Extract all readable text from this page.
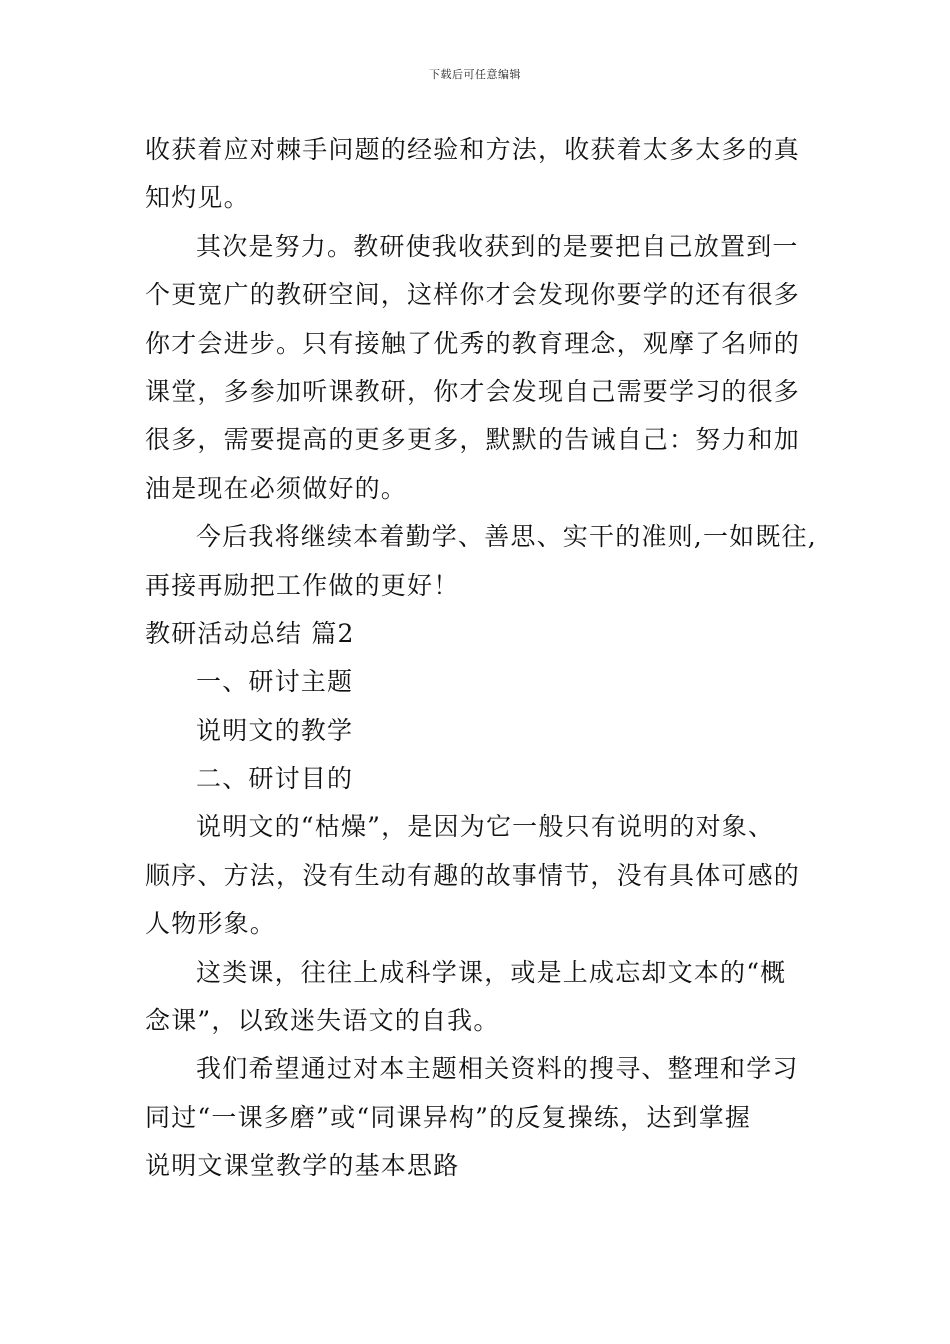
下载后可任意编辑
收获着应对棘手问题的经验和方法，收获着太多太多的真
知灼见。
其次是努力。教研使我收获到的是要把自己放置到一
个更宽广的教研空间，这样你才会发现你要学的还有很多
你才会进步。只有接触了优秀的教育理念，观摩了名师的
课堂，多参加听课教研，你才会发现自己需要学习的很多
很多，需要提高的更多更多，默默的告诫自己：努力和加
油是现在必须做好的。
今后我将继续本着勤学、善思、实干的准则,一如既往,
再接再励把工作做的更好！
教研活动总结 篇2
一、研讨主题
说明文的教学
二、研讨目的
说明文的“枯燥”，是因为它一般只有说明的对象、
顺序、方法，没有生动有趣的故事情节，没有具体可感的
人物形象。
这类课，往往上成科学课，或是上成忘却文本的“概
念课”，以致迷失语文的自我。
我们希望通过对本主题相关资料的搜寻、整理和学习
同过“一课多磨”或“同课异构”的反复操练，达到掌握
说明文课堂教学的基本思路
